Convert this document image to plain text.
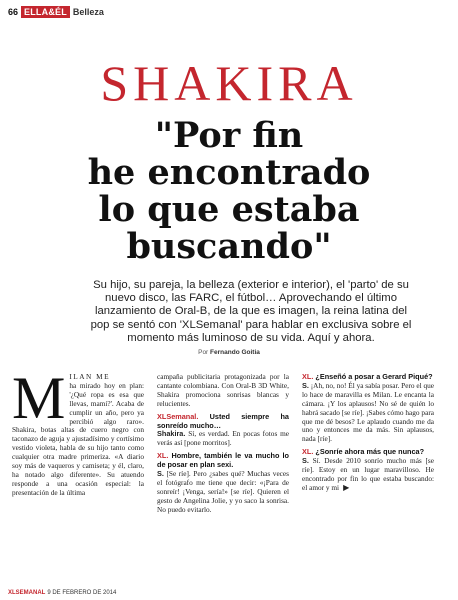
66 ELLA&ÉL Belleza
SHAKIRA
"Por fin
he encontrado
lo que estaba
buscando"
Su hijo, su pareja, la belleza (exterior e interior), el 'parto' de su nuevo disco, las FARC, el fútbol… Aprovechando el último lanzamiento de Oral-B, de la que es imagen, la reina latina del pop se sentó con 'XLSemanal' para hablar en exclusiva sobre el momento más luminoso de su vida. Aquí y ahora.
Por Fernando Goitia
M ILAN ME
ha mirado hoy en plan: '¿Qué ropa es esa que llevas, mami?'. Acaba de cumplir un año, pero ya percibió algo raro». Shakira, botas altas de cuero negro con taconazo de aguja y ajustadísimo y cortísimo vestido violeta, habla de su hijo tanto como cualquier otra madre primeriza. «A diario soy más de vaqueros y camiseta; y él, claro, ha notado algo diferente». Su atuendo responde a una ocasión especial: la presentación de la última

campaña publicitaria protagonizada por la cantante colombiana. Con Oral-B 3D White, Shakira promociona sonrisas blancas y relucientes.

XLSemanal. Usted siempre ha sonreído mucho…
Shakira. Sí, es verdad. En pocas fotos me verás así [pone morritos].

XL. Hombre, también le va mucho lo de posar en plan sexi.
S. [Se ríe]. Pero ¿sabes qué? Muchas veces el fotógrafo me tiene que decir: «¡Para de sonreír! ¡Venga, sería!» [se ríe]. Quieren el gesto de Angelina Jolie, y yo saco la sonrisa. No puedo evitarlo.

XL. ¿Enseñó a posar a Gerard Piqué?
S. ¡Ah, no, no! Él ya sabía posar. Pero el que lo hace de maravilla es Milan. Le encanta la cámara. ¡Y los aplausos! No sé de quién lo habrá sacado [se ríe]. ¡Sabes cómo hago para que me dé besos? Le aplaudo cuando me da uno y entonces me da más. Sin aplausos, nada [ríe].

XL. ¿Sonríe ahora más que nunca?
S. Sí. Desde 2010 sonrío mucho más [se ríe]. Estoy en un lugar maravilloso. He encontrado por fin lo que estaba buscando: el amor y mi ▶

XLSEMANAL 9 DE FEBRERO DE 2014
